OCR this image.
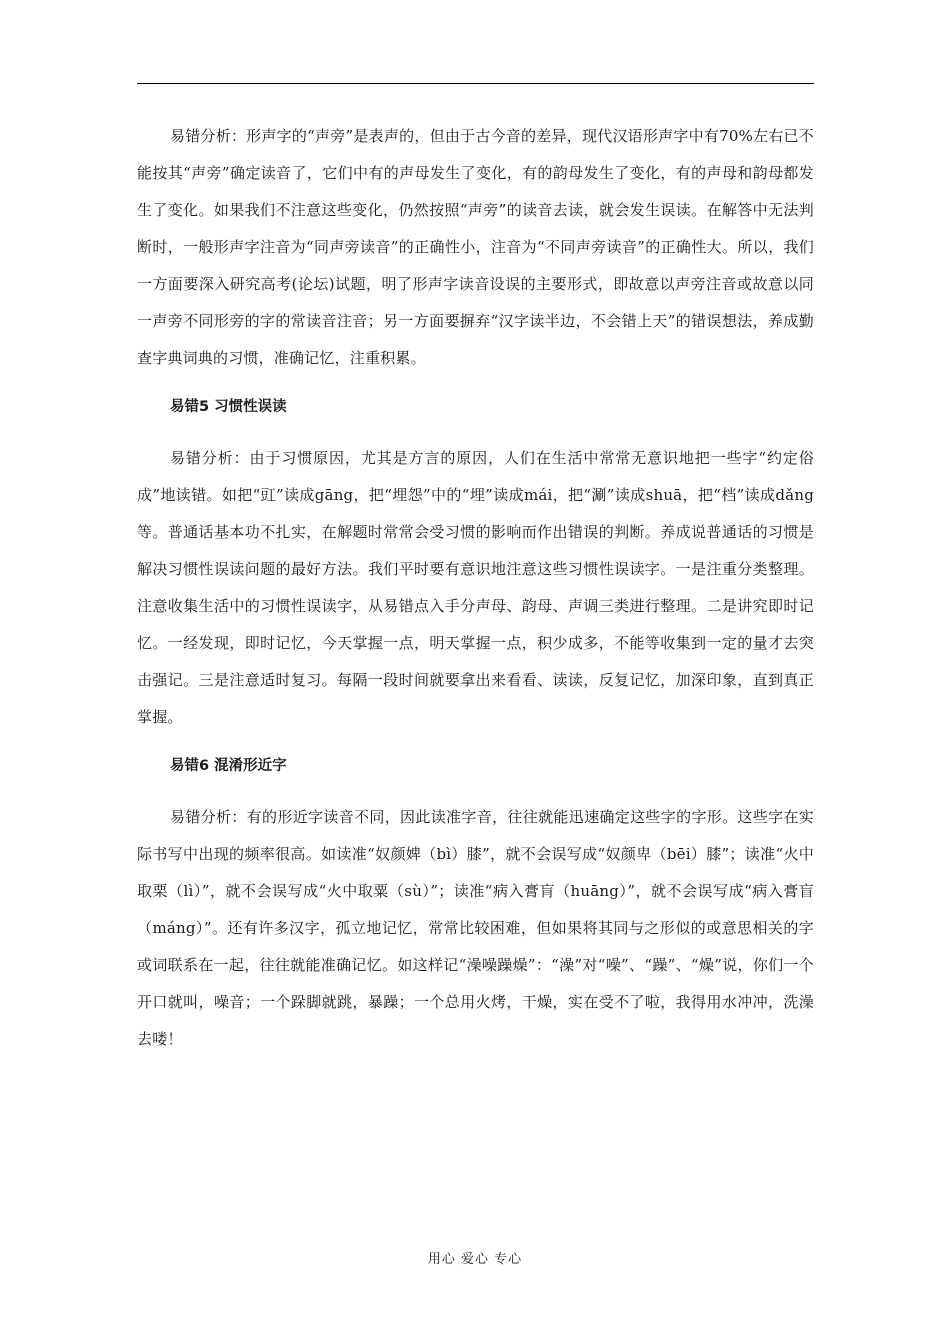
易错分析：形声字的“声旁”是表声的，但由于古今音的差异，现代汉语形声字中有70%左右已不能按其“声旁”确定读音了，它们中有的声母发生了变化，有的韵母发生了变化，有的声母和韵母都发生了变化。如果我们不注意这些变化，仍然按照“声旁”的读音去读，就会发生误读。在解答中无法判断时，一般形声字注音为“同声旁读音”的正确性小，注音为“不同声旁读音”的正确性大。所以，我们一方面要深入研究高考(论坛)试题，明了形声字读音设误的主要形式，即故意以声旁注音或故意以同一声旁不同形旁的字的常读音注音；另一方面要摒弃“汉字读半边，不会错上天”的错误想法，养成勤查字典词典的习惯，准确记忆，注重积累。

易错5 习惯性误读

易错分析：由于习惯原因，尤其是方言的原因，人们在生活中常常无意识地把一些字“约定俗成”地读错。如把“豇”读成gāng，把“埋怨”中的“埋”读成mái，把“涮”读成shuā，把“档”读成dǎng等。普通话基本功不扎实，在解题时常常会受习惯的影响而作出错误的判断。养成说普通话的习惯是解决习惯性误读问题的最好方法。我们平时要有意识地注意这些习惯性误读字。一是注重分类整理。注意收集生活中的习惯性误读字，从易错点入手分声母、韵母、声调三类进行整理。二是讲究即时记忆。一经发现，即时记忆，今天掌握一点，明天掌握一点，积少成多，不能等收集到一定的量才去突击强记。三是注意适时复习。每隔一段时间就要拿出来看看、读读，反复记忆，加深印象，直到真正掌握。

易错6 混淆形近字

易错分析：有的形近字读音不同，因此读准字音，往往就能迅速确定这些字的字形。这些字在实际书写中出现的频率很高。如读准“奴颜婢（bì）膝”，就不会误写成“奴颜卑（bēi）膝”；读准“火中取栗（lì）”，就不会误写成“火中取粟（sù）”；读准“病入膏肓（huāng）”，就不会误写成“病入膏盲（máng）”。还有许多汉字，孤立地记忆，常常比较困难，但如果将其同与之形似的或意思相关的字或词联系在一起，往往就能准确记忆。如这样记“澡噪躁燥”：“澡”对“噪”、“躁”、“燥”说，你们一个开口就叫，噪音；一个跺脚就跳，暴躁；一个总用火烤，干燥，实在受不了啦，我得用水冲冲，洗澡去喽！

用心 爱心 专心
